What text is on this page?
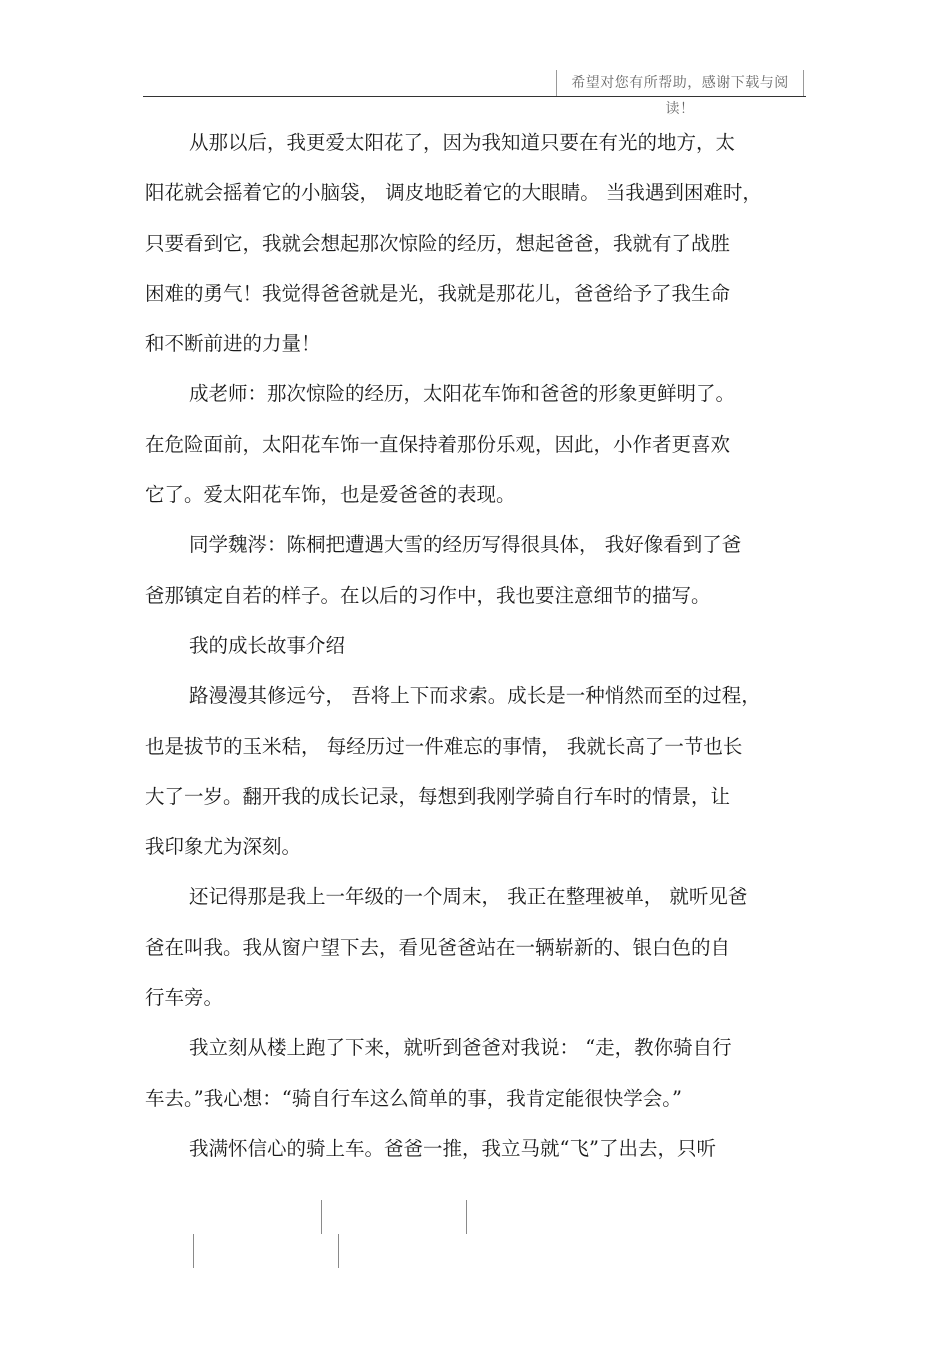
希望对您有所帮助，感谢下载与阅读！
从那以后，我更爱太阳花了，因为我知道只要在有光的地方，太
阳花就会摇着它的小脑袋， 调皮地眨着它的大眼睛。 当我遇到困难时，
只要看到它，我就会想起那次惊险的经历，想起爸爸，我就有了战胜
困难的勇气！我觉得爸爸就是光，我就是那花儿，爸爸给予了我生命
和不断前进的力量！
成老师：那次惊险的经历，太阳花车饰和爸爸的形象更鲜明了。
在危险面前，太阳花车饰一直保持着那份乐观，因此，小作者更喜欢
它了。爱太阳花车饰，也是爱爸爸的表现。
同学魏涔：陈桐把遭遇大雪的经历写得很具体， 我好像看到了爸
爸那镇定自若的样子。在以后的习作中，我也要注意细节的描写。
我的成长故事介绍
路漫漫其修远兮， 吾将上下而求索。成长是一种悄然而至的过程，
也是拔节的玉米秸， 每经历过一件难忘的事情， 我就长高了一节也长
大了一岁。翻开我的成长记录，每想到我刚学骑自行车时的情景，让
我印象尤为深刻。
还记得那是我上一年级的一个周末， 我正在整理被单， 就听见爸
爸在叫我。我从窗户望下去，看见爸爸站在一辆崭新的、银白色的自
行车旁。
我立刻从楼上跑了下来，就听到爸爸对我说： “走，教你骑自行
车去。”我心想：“骑自行车这么简单的事，我肯定能很快学会。”
我满怀信心的骑上车。爸爸一推，我立马就“飞”了出去，只听
